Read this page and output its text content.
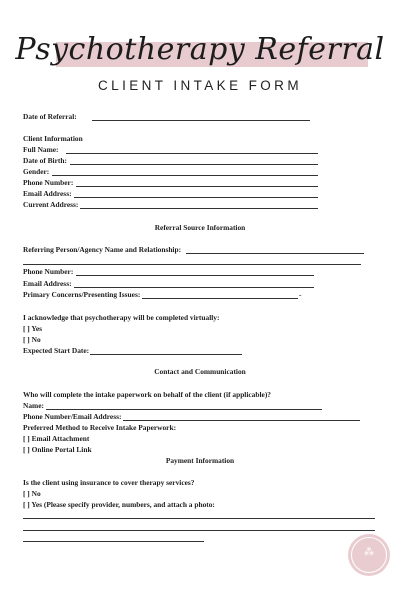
Psychotherapy Referral
CLIENT INTAKE FORM
Date of Referral:
Client Information
Full Name:
Date of Birth:
Gender:
Phone Number:
Email Address:
Current Address:
Referral Source Information
Referring Person/Agency Name and Relationship:
Phone Number:
Email Address:
Primary Concerns/Presenting Issues:	-
I acknowledge that psychotherapy will be completed virtually:
[ ] Yes
[ ] No
Expected Start Date:
Contact and Communication
Who will complete the intake paperwork on behalf of the client (if applicable)?
Name:
Phone Number/Email Address:
Preferred Method to Receive Intake Paperwork:
[ ] Email Attachment
[ ] Online Portal Link
Payment Information
Is the client using insurance to cover therapy services?
[ ] No
[ ] Yes (Please specify provider, numbers, and attach a photo:
⁂
